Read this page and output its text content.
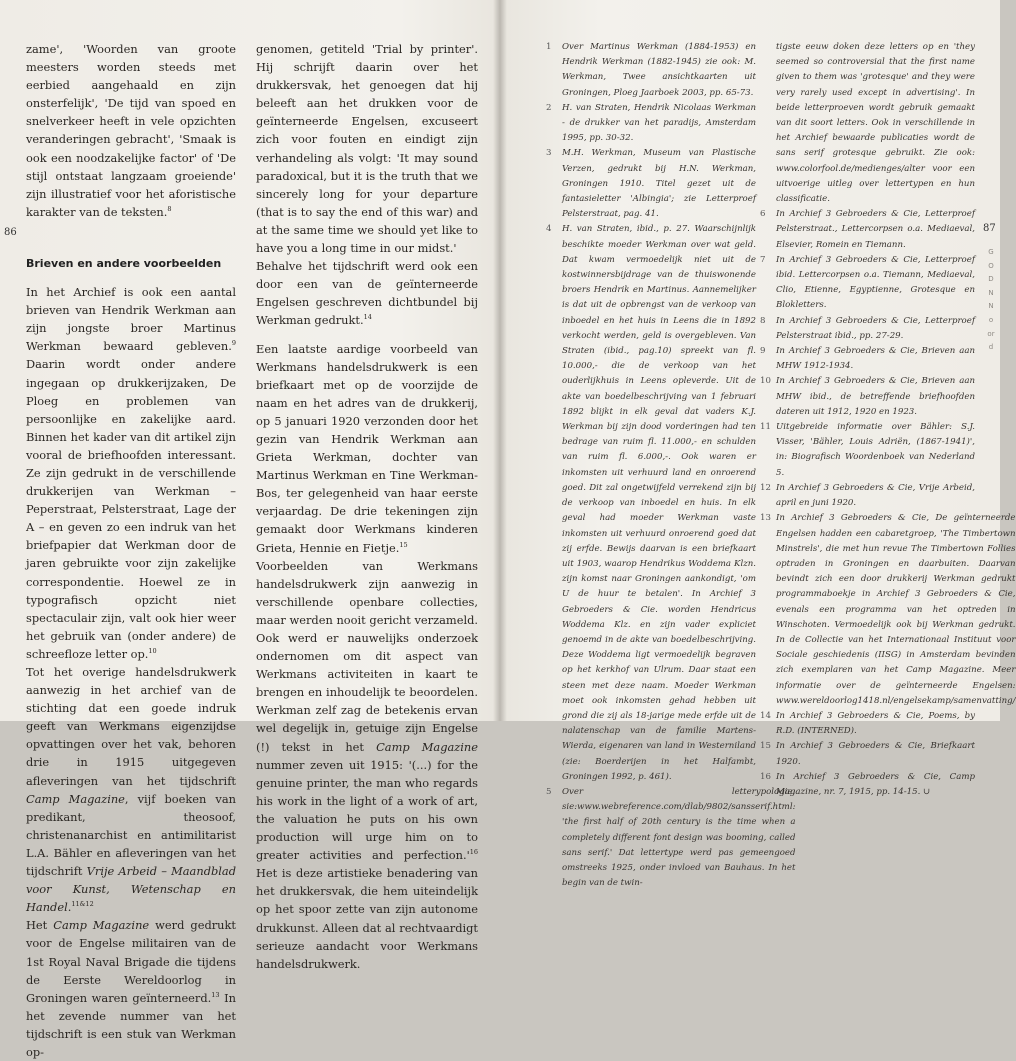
86	87
GOD N Noord

zame', 'Woorden van groote meesters worden steeds met eerbied aangehaald en zijn onsterfelijk', 'De tijd van spoed en snelverkeer heeft in vele opzichten veranderingen gebracht', 'Smaak is ook een noodzakelijke factor' of 'De stijl ontstaat langzaam groeiende' zijn illustratief voor het aforistische karakter van de teksten.$^8$

Brieven en andere voorbeelden

In het Archief is ook een aantal brieven van Hendrik Werkman aan zijn jongste broer Martinus Werkman bewaard gebleven.$^9$ Daarin wordt onder andere ingegaan op drukkerijzaken, De Ploeg en problemen van persoonlijke en zakelijke aard. Binnen het kader van dit artikel zijn vooral de briefhoofden interessant. Ze zijn gedrukt in de verschillende drukkerijen van Werkman – Peperstraat, Pelsterstraat, Lage der A – en geven zo een indruk van het briefpapier dat Werkman door de jaren gebruikte voor zijn zakelijke correspondentie. Hoewel ze in typografisch opzicht niet spectaculair zijn, valt ook hier weer het gebruik van (onder andere) de schreefloze letter op.$^{10}$

Tot het overige handelsdrukwerk aanwezig in het archief van de stichting dat een goede indruk geeft van Werkmans eigenzijdse opvattingen over het vak, behoren drie in 1915 uitgegeven afleveringen van het tijdschrift Camp Magazine, vijf boeken van predikant, theosoof, christenanarchist en antimilitarist L.A. Bähler en afleveringen van het tijdschrift Vrije Arbeid – Maandblad voor Kunst, Wetenschap en Handel.$^{11\&12}$

Het Camp Magazine werd gedrukt voor de Engelse militairen van de 1st Royal Naval Brigade die tijdens de Eerste Wereldoorlog in Groningen waren geïnterneerd.$^{13}$ In het zevende nummer van het tijdschrift is een stuk van Werkman op-

genomen, getiteld 'Trial by printer'. Hij schrijft daarin over het drukkersvak, het genoegen dat hij beleeft aan het drukken voor de geïnterneerde Engelsen, excuseert zich voor fouten en eindigt zijn verhandeling als volgt: 'It may sound paradoxical, but it is the truth that we sincerely long for your departure (that is to say the end of this war) and at the same time we should yet like to have you a long time in our midst.'

Behalve het tijdschrift werd ook een door een van de geïnterneerde Engelsen geschreven dichtbundel bij Werkman gedrukt.$^{14}$

Een laatste aardige voorbeeld van Werkmans handelsdrukwerk is een briefkaart met op de voorzijde de naam en het adres van de drukkerij, op 5 januari 1920 verzonden door het gezin van Hendrik Werkman aan Grieta Werkman, dochter van Martinus Werkman en Tine Werkman-Bos, ter gelegenheid van haar eerste verjaardag. De drie tekeningen zijn gemaakt door Werkmans kinderen Grieta, Hennie en Fietje.$^{15}$

Voorbeelden van Werkmans handelsdrukwerk zijn aanwezig in verschillende openbare collecties, maar werden nooit gericht verzameld. Ook werd er nauwelijks onderzoek ondernomen om dit aspect van Werkmans activiteiten in kaart te brengen en inhoudelijk te beoordelen. Werkman zelf zag de betekenis ervan wel degelijk in, getuige zijn Engelse (!) tekst in het Camp Magazine nummer zeven uit 1915: '(...) for the genuine printer, the man who regards his work in the light of a work of art, the valuation he puts on his own production will urge him on to greater activities and $perfection.'^{16}$ Het is deze artistieke benadering van het drukkersvak, die hem uiteindelijk op het spoor zette van zijn autonome drukkunst. Alleen dat al rechtvaardigt serieuze aandacht voor Werkmans handelsdrukwerk.

1	Over Martinus Werkman (1884-1953) en Hendrik Werkman (1882-1945) zie ook: M. Werkman, Twee ansichtkaarten uit Groningen, Ploeg Jaarboek 2003, pp. 65-73.
2	H. van Straten, Hendrik Nicolaas Werkman - de drukker van het paradijs, Amsterdam 1995, pp. 30-32.
3	M.H. Werkman, Museum van Plastische Verzen, gedrukt bij H.N. Werkman, Groningen 1910. Titel gezet uit de fantasieletter 'Albingia'; zie Letterproef Pelsterstraat, pag. 41.
4	H. van Straten, ibid., p. 27. Waarschijnlijk beschikte moeder Werkman over wat geld. Dat kwam vermoedelijk niet uit de kostwinnersbijdrage van de thuiswonende broers Hendrik en Martinus. Aannemelijker is dat uit de opbrengst van de verkoop van inboedel en het huis in Leens die in 1892 verkocht werden, geld is overgebleven. Van Straten (ibid., pag.10) spreekt van fl. 10.000,- die de verkoop van het ouderlijkhuis in Leens opleverde. Uit de akte van boedelbeschrijving van 1 februari 1892 blijkt in elk geval dat vaders K.J. Werkman bij zijn dood vorderingen had ten bedrage van ruim fl. 11.000,- en schulden van ruim fl. 6.000,-. Ook waren er inkomsten uit verhuurd land en onroerend goed. Dit zal ongetwijfeld verrekend zijn bij de verkoop van inboedel en huis. In elk geval had moeder Werkman vaste inkomsten uit verhuurd onroerend goed dat zij erfde. Bewijs daarvan is een briefkaart uit 1903, waarop Hendrikus Woddema Klzn. zijn komst naar Groningen aankondigt, 'om U de huur te betalen'. In Archief 3 Gebroeders & Cie. worden Hendricus Woddema Klz. en zijn vader expliciet genoemd in de akte van boedelbeschrijving. Deze Woddema ligt vermoedelijk begraven op het kerkhof van Ulrum. Daar staat een steen met deze naam. Moeder Werkman moet ook inkomsten gehad hebben uit grond die zij als 18-jarige mede erfde uit de nalatenschap van de familie Martens-Wierda, eigenaren van land in Westerniland (zie: Boerderijen in het Halfambt, Groningen 1992, p. 461).
5	Over letterypologie: sie:www.webreference.com/dlab/9802/sansserif.html: 'the first half of 20th century is the time when a completely different font design was booming, called sans serif.' Dat lettertype werd pas gemeengoed omstreeks 1925, onder invloed van Bauhaus. In het begin van de twin-
tigste eeuw doken deze letters op en 'they seemed so controversial that the first name given to them was 'grotesque' and they were very rarely used except in advertising'. In beide letterproeven wordt gebruik gemaakt van dit soort letters. Ook in verschillende in het Archief bewaarde publicaties wordt de sans serif grotesque gebruikt. Zie ook: www.colorfool.de/medienges/alter voor een uitvoerige uitleg over lettertypen en hun classificatie.
6	In Archief 3 Gebroeders & Cie, Letterproef Pelsterstraat., Lettercorpsen o.a. Mediaeval, Elsevier, Romein en Tiemann.
7	In Archief 3 Gebroeders & Cie, Letterproef ibid. Lettercorpsen o.a. Tiemann, Mediaeval, Clio, Etienne, Egyptienne, Grotesque en Blokletters.
8	In Archief 3 Gebroeders & Cie, Letterproef Pelsterstraat ibid., pp. 27-29.
9	In Archief 3 Gebroeders & Cie, Brieven aan MHW 1912-1934.
10 In Archief 3 Gebroeders & Cie, Brieven aan MHW ibid., de betreffende briefhoofden dateren uit 1912, 1920 en 1923.
11 Uitgebreide informatie over Bähler: S.J. Visser, 'Bähler, Louis Adriën, (1867-1941)', in: Biografisch Woordenboek van Nederland 5.
12 In Archief 3 Gebroeders & Cie, Vrije Arbeid, april en juni 1920.
13 In Archief 3 Gebroeders & Cie, De geïnterneerde Engelsen hadden een cabaretgroep, 'The Timbertown Minstrels', die met hun revue The Timbertown Follies optraden in Groningen en daarbuiten. Daarvan bevindt zich een door drukkerij Werkman gedrukt programmaboekje in Archief 3 Gebroeders & Cie, evenals een programma van het optreden in Winschoten. Vermoedelijk ook bij Werkman gedrukt. In de Collectie van het Internationaal Instituut voor Sociale geschiedenis (IISG) in Amsterdam bevinden zich exemplaren van het Camp Magazine. Meer informatie over de geïnterneerde Engelsen: www.wereldoorlog1418.nl/engelsekamp/samenvatting/
14 In Archief 3 Gebroeders & Cie, Poems, by R.D. (INTERNED).
15 In Archief 3 Gebroeders & Cie, Briefkaart 1920.
16 In Archief 3 Gebroeders & Cie, Camp Magazine, nr. 7, 1915, pp. 14-15. ∪
